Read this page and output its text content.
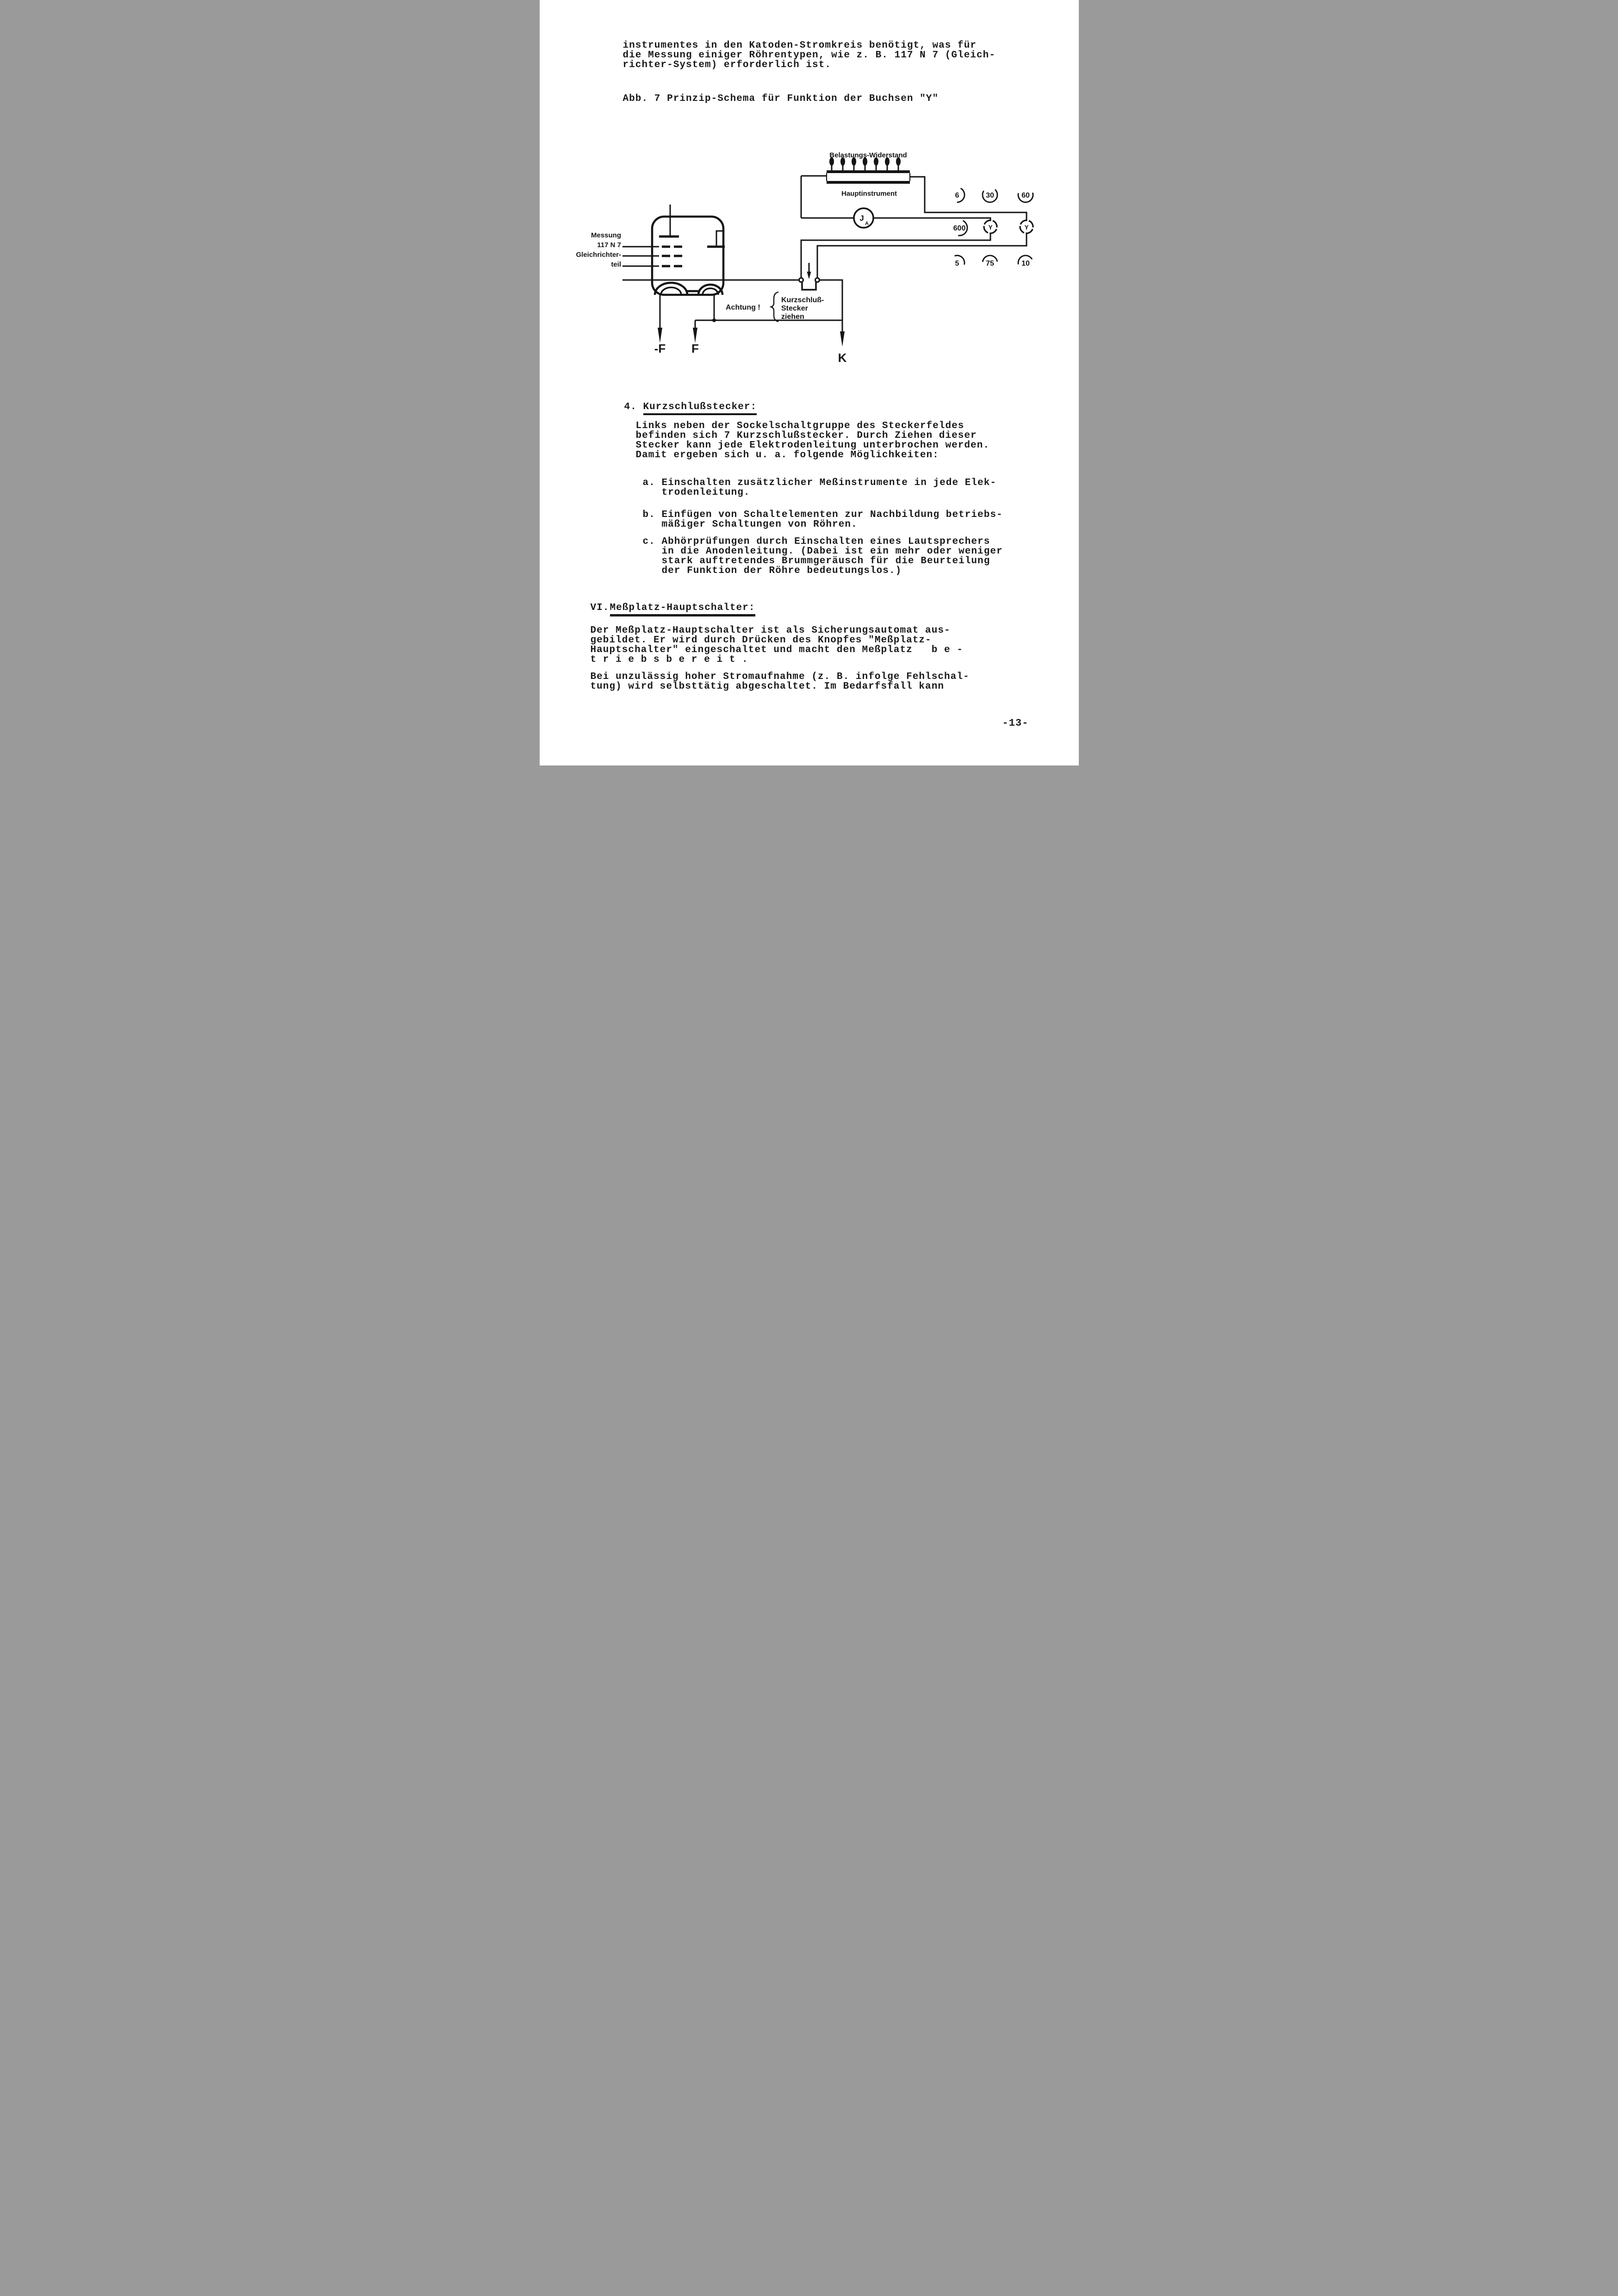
Belastungs-Widerstand
J
A
Hauptinstrument
Y	Y
6	30	60
600
5	75	10
-F F
K
Messung
117 N 7
Gleichrichter-
teil
Achtung !
Kurzschluß-
Stecker
ziehen
instrumentes in den Katoden-Stromkreis benötigt, was für
die Messung einiger Röhrentypen, wie z. B. 117 N 7 (Gleich-
richter-System) erforderlich ist.
Abb. 7 Prinzip-Schema für Funktion der Buchsen "Y"
4. Kurzschlußstecker:
Links neben der Sockelschaltgruppe des Steckerfeldes
befinden sich 7 Kurzschlußstecker. Durch Ziehen dieser
Stecker kann jede Elektrodenleitung unterbrochen werden.
Damit ergeben sich u. a. folgende Möglichkeiten:
a. Einschalten zusätzlicher Meßinstrumente in jede Elek-
trodenleitung.
b. Einfügen von Schaltelementen zur Nachbildung betriebs-
mäßiger Schaltungen von Röhren.
c. Abhörprüfungen durch Einschalten eines Lautsprechers
in die Anodenleitung. (Dabei ist ein mehr oder weniger
stark auftretendes Brummgeräusch für die Beurteilung
der Funktion der Röhre bedeutungslos.)
VI. Meßplatz-Hauptschalter:
Der Meßplatz-Hauptschalter ist als Sicherungsautomat aus-
gebildet. Er wird durch Drücken des Knopfes "Meßplatz-
Hauptschalter" eingeschaltet und macht den Meßplatz   b e -
t r i e b s b e r e i t .
Bei unzulässig hoher Stromaufnahme (z. B. infolge Fehlschal-
tung) wird selbsttätig abgeschaltet. Im Bedarfsfall kann
-13-
